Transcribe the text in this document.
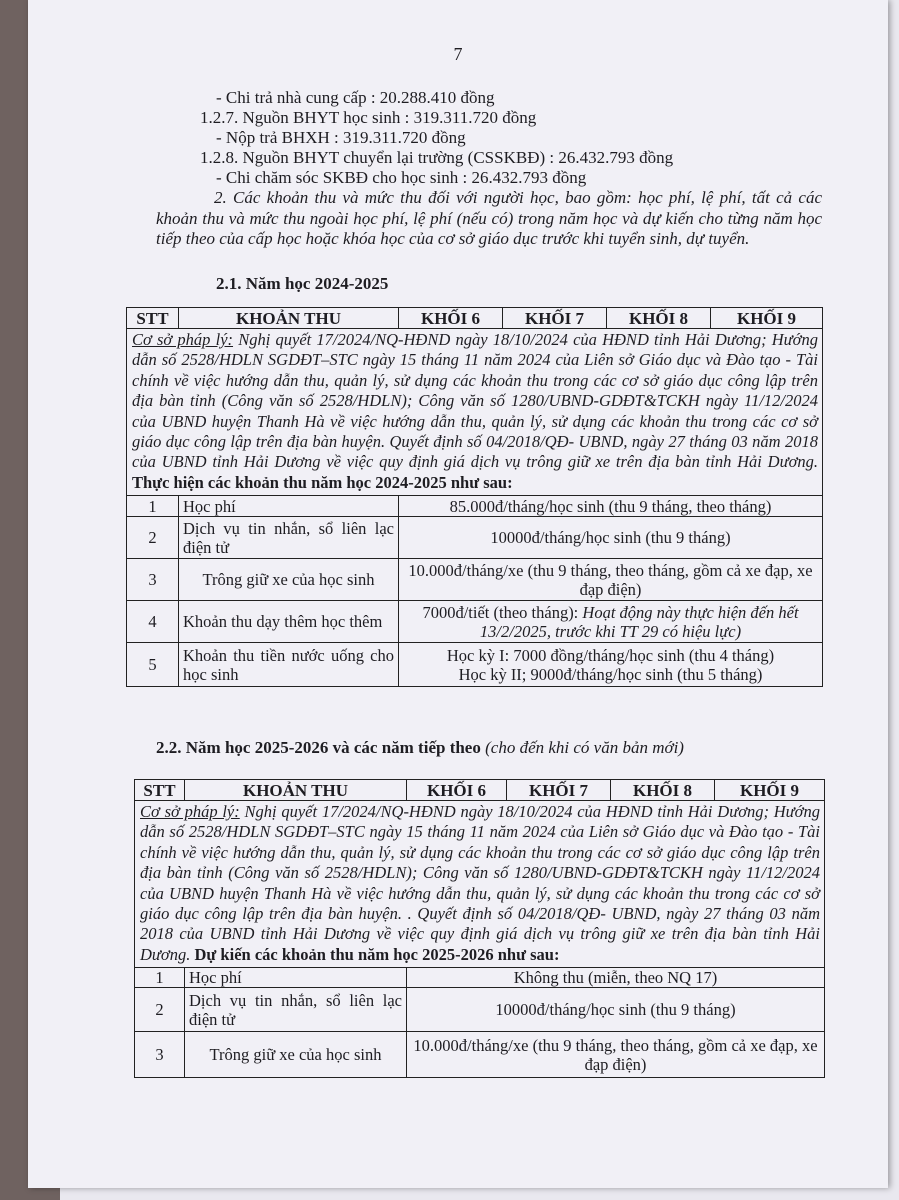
7
- Chi trả nhà cung cấp : 20.288.410 đồng
1.2.7. Nguồn BHYT học sinh : 319.311.720 đồng
- Nộp trả BHXH : 319.311.720 đồng
1.2.8. Nguồn BHYT chuyển lại trường (CSSKBĐ) : 26.432.793 đồng
- Chi chăm sóc SKBĐ cho học sinh : 26.432.793 đồng
2. Các khoản thu và mức thu đối với người học, bao gồm: học phí, lệ phí, tất cả các khoản thu và mức thu ngoài học phí, lệ phí (nếu có) trong năm học và dự kiến cho từng năm học tiếp theo của cấp học hoặc khóa học của cơ sở giáo dục trước khi tuyển sinh, dự tuyển.
2.1. Năm học 2024-2025
STT	KHOẢN THU	KHỐI 6	KHỐI 7	KHỐI 8	KHỐI 9
Cơ sở pháp lý: Nghị quyết 17/2024/NQ-HĐND ngày 18/10/2024 của HĐND tỉnh Hải Dương; Hướng dẫn số 2528/HDLN SGDĐT–STC ngày 15 tháng 11 năm 2024 của Liên sở Giáo dục và Đào tạo - Tài chính về việc hướng dẫn thu, quản lý, sử dụng các khoản thu trong các cơ sở giáo dục công lập trên địa bàn tỉnh (Công văn số 2528/HDLN); Công văn số 1280/UBND-GDĐT&TCKH ngày 11/12/2024 của UBND huyện Thanh Hà về việc hướng dẫn thu, quản lý, sử dụng các khoản thu trong các cơ sở giáo dục công lập trên địa bàn huyện. Quyết định số 04/2018/QĐ- UBND, ngày 27 tháng 03 năm 2018 của UBND tỉnh Hải Dương về việc quy định giá dịch vụ trông giữ xe trên địa bàn tỉnh Hải Dương. Thực hiện các khoản thu năm học 2024-2025 như sau:					
1	Học phí	85.000đ/tháng/học sinh (thu 9 tháng, theo tháng)			
2	Dịch vụ tin nhắn, sổ liên lạc điện tử	10000đ/tháng/học sinh (thu 9 tháng)			
3	Trông giữ xe của học sinh	10.000đ/tháng/xe (thu 9 tháng, theo tháng, gồm cả xe đạp, xe đạp điện)			
4	Khoản thu dạy thêm học thêm	7000đ/tiết (theo tháng): Hoạt động này thực hiện đến hết 13/2/2025, trước khi TT 29 có hiệu lực)			
5	Khoản thu tiền nước uống cho học sinh	Học kỳ I: 7000 đồng/tháng/học sinh (thu 4 tháng)
Học kỳ II; 9000đ/tháng/học sinh (thu 5 tháng)			
2.2. Năm học 2025-2026 và các năm tiếp theo (cho đến khi có văn bản mới)
STT	KHOẢN THU	KHỐI 6	KHỐI 7	KHỐI 8	KHỐI 9
Cơ sở pháp lý: Nghị quyết 17/2024/NQ-HĐND ngày 18/10/2024 của HĐND tỉnh Hải Dương; Hướng dẫn số 2528/HDLN SGDĐT–STC ngày 15 tháng 11 năm 2024 của Liên sở Giáo dục và Đào tạo - Tài chính về việc hướng dẫn thu, quản lý, sử dụng các khoản thu trong các cơ sở giáo dục công lập trên địa bàn tỉnh (Công văn số 2528/HDLN); Công văn số 1280/UBND-GDĐT&TCKH ngày 11/12/2024 của UBND huyện Thanh Hà về việc hướng dẫn thu, quản lý, sử dụng các khoản thu trong các cơ sở giáo dục công lập trên địa bàn huyện. . Quyết định số 04/2018/QĐ- UBND, ngày 27 tháng 03 năm 2018 của UBND tỉnh Hải Dương về việc quy định giá dịch vụ trông giữ xe trên địa bàn tỉnh Hải Dương. Dự kiến các khoản thu năm học 2025-2026 như sau:					
1	Học phí	Không thu (miễn, theo NQ 17)			
2	Dịch vụ tin nhắn, sổ liên lạc điện tử	10000đ/tháng/học sinh (thu 9 tháng)			
3	Trông giữ xe của học sinh	10.000đ/tháng/xe (thu 9 tháng, theo tháng, gồm cả xe đạp, xe đạp điện)			
